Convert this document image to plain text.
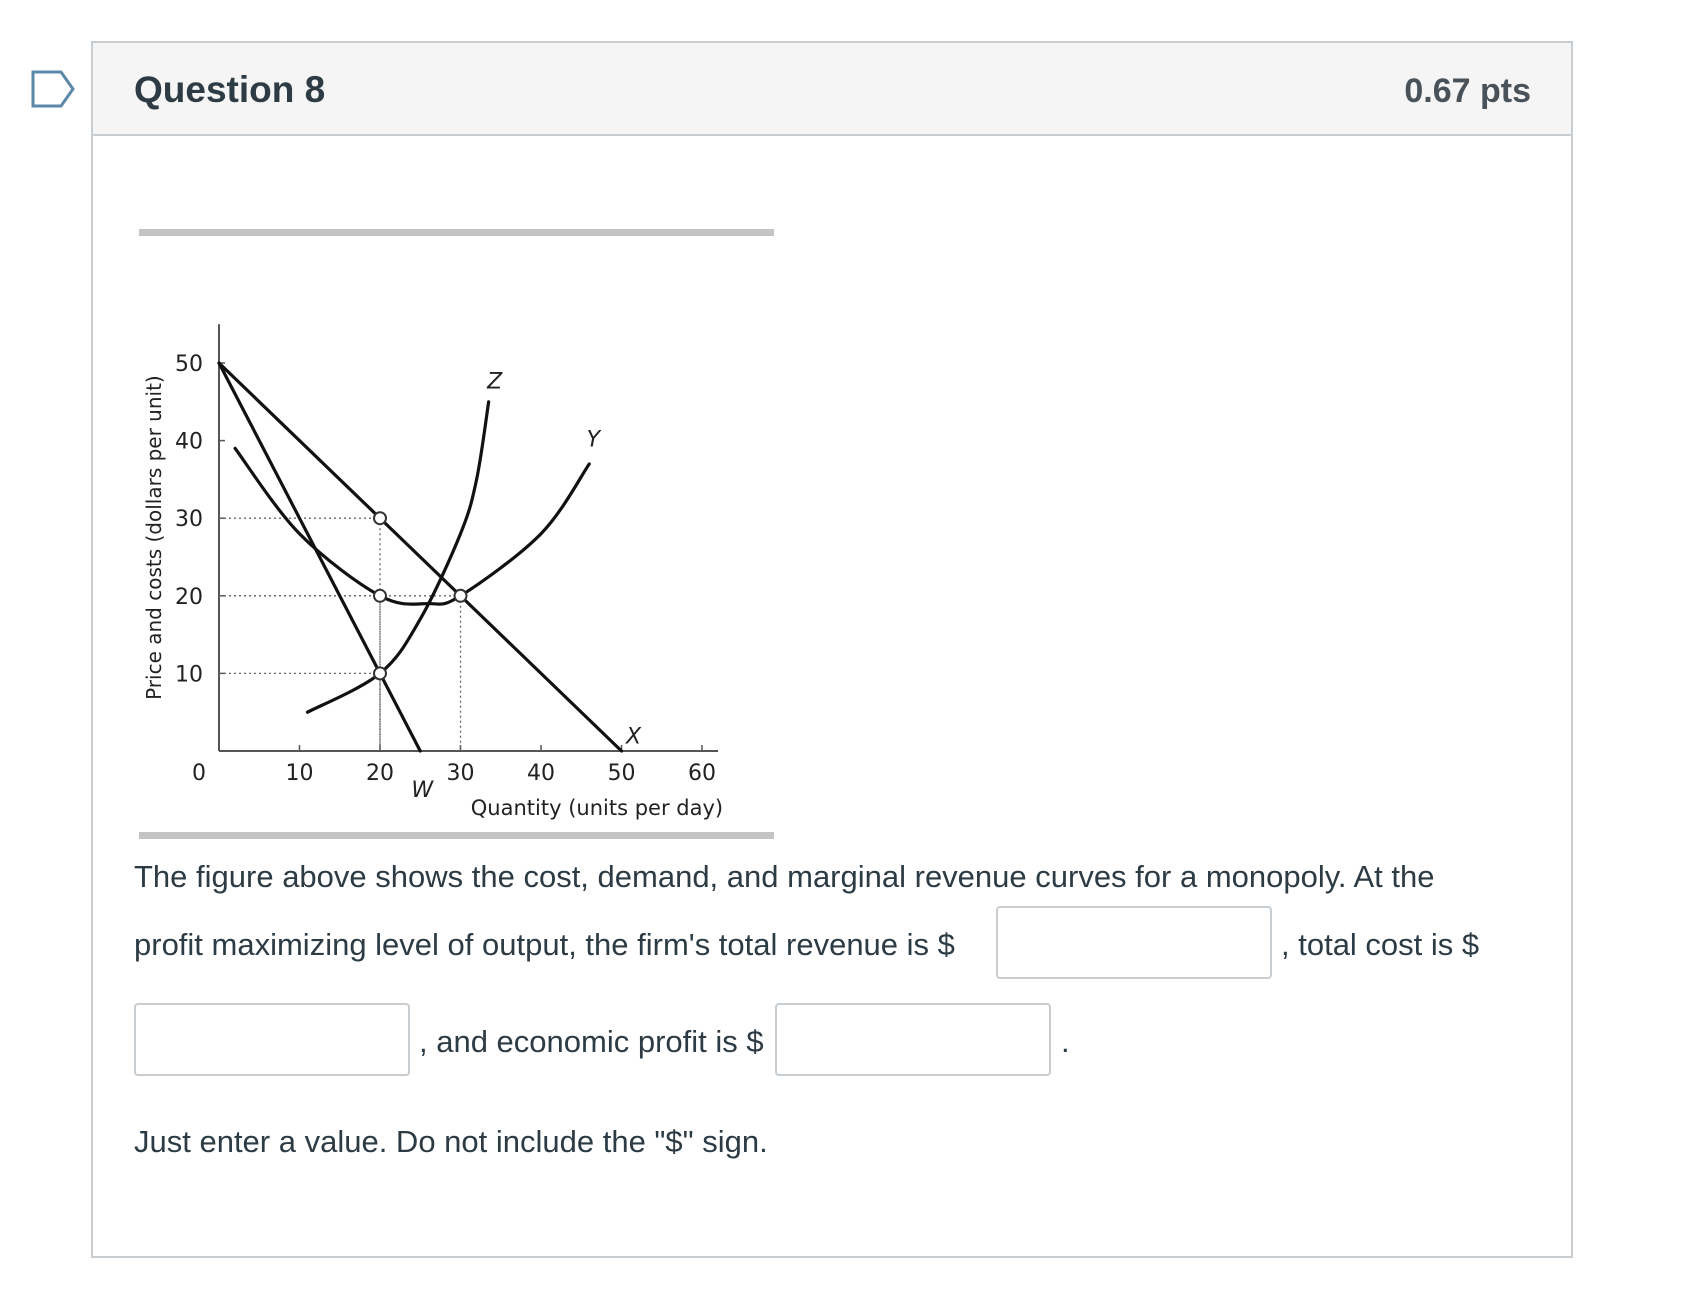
Question 8	0.67 pts
0	10 20 30 40 50 60
10
20
30
40
50
Quantity (units per day)
Price and costs (dollars per unit)
X
W
Y
Z
The figure above shows the cost, demand, and marginal revenue curves for a monopoly. At the
profit maximizing level of output, the firm's total revenue is $	, total cost is $
, and economic profit is $	.
Just enter a value. Do not include the "$" sign.
